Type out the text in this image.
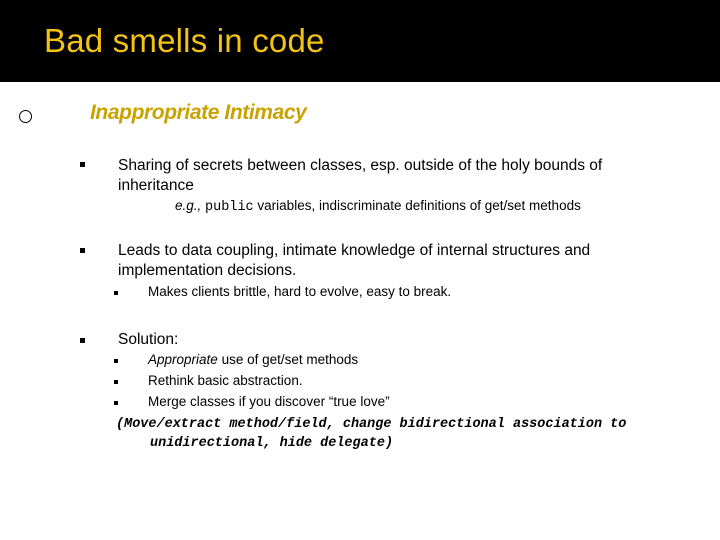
Bad smells in code
Inappropriate Intimacy
Sharing of secrets between classes, esp. outside of the holy bounds of
inheritance
e.g., public variables, indiscriminate definitions of get/set methods
Leads to data coupling, intimate knowledge of internal structures and
implementation decisions.
Makes clients brittle, hard to evolve, easy to break.
Solution:
Appropriate use of get/set methods
Rethink basic abstraction.
Merge classes if you discover “true love”
(Move/extract method/field, change bidirectional association to
unidirectional, hide delegate)
